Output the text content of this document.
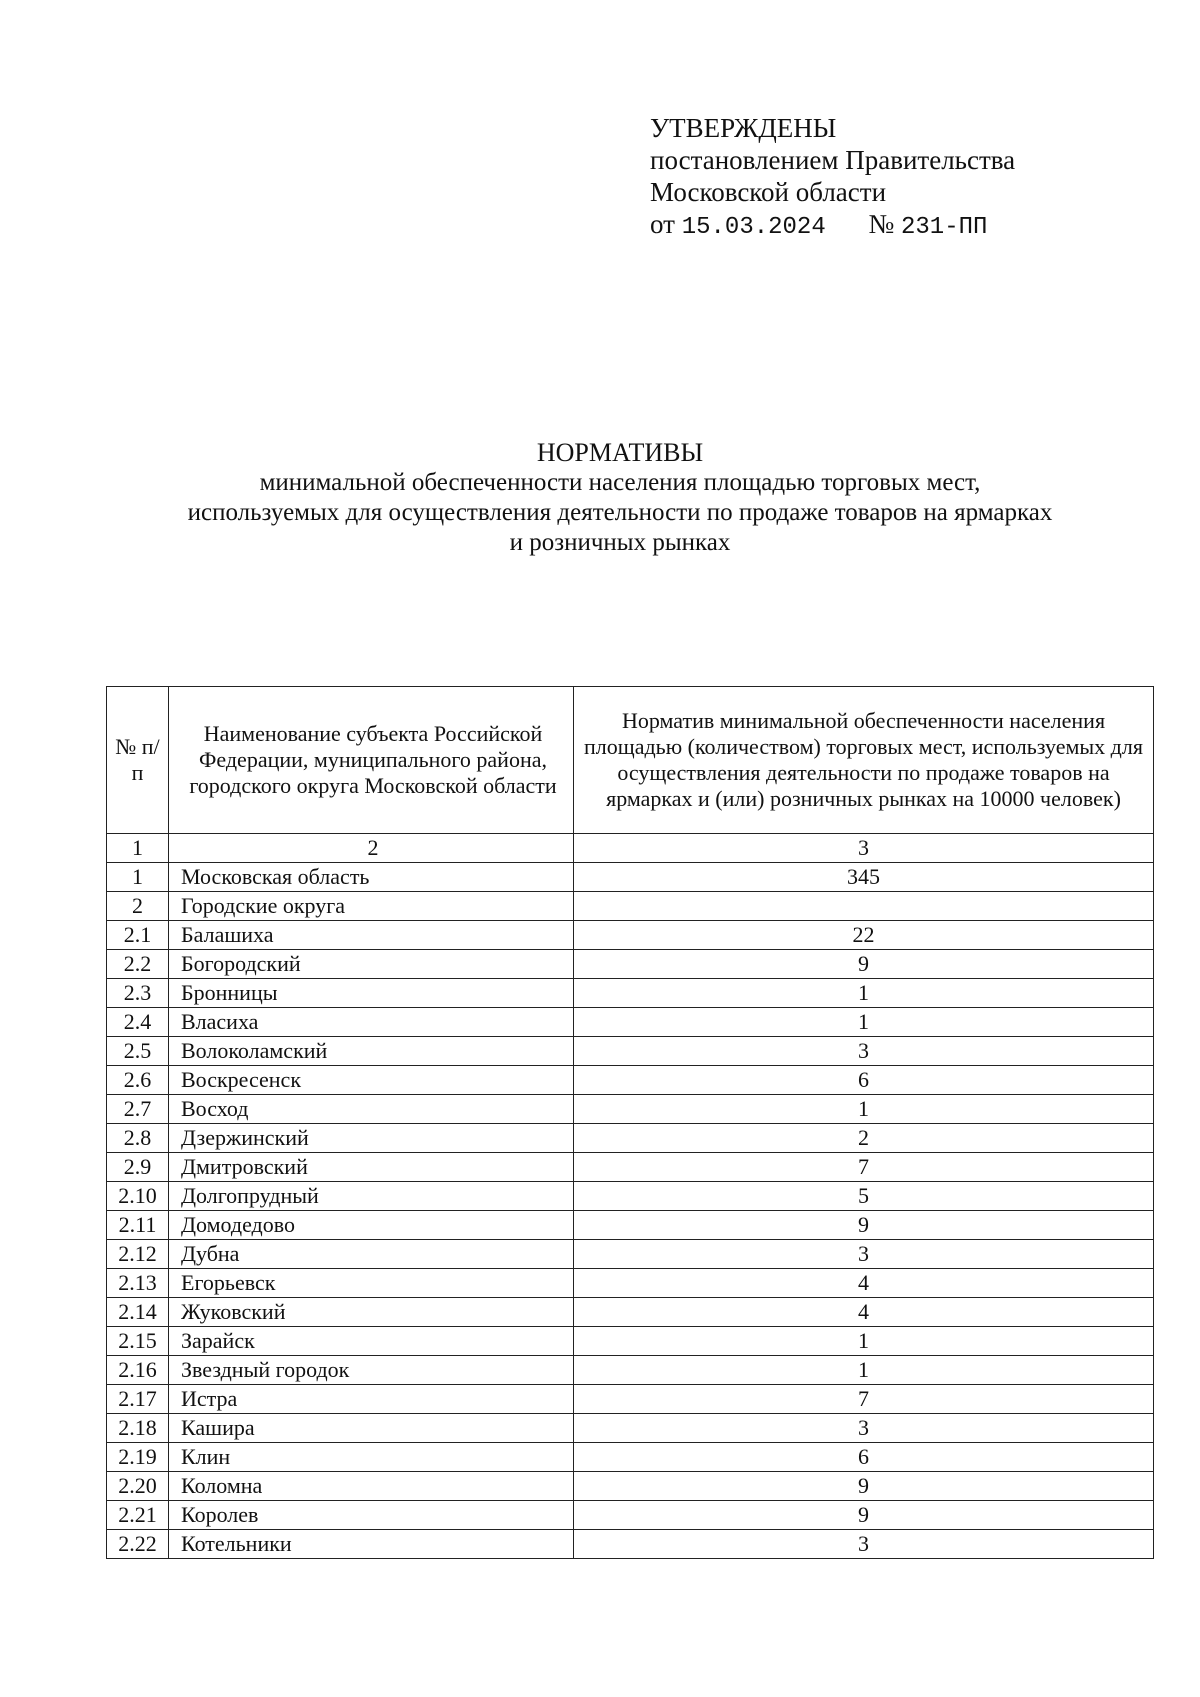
УТВЕРЖДЕНЫ
постановлением Правительства
Московской области
от 15.03.2024 № 231-ПП
НОРМАТИВЫ
минимальной обеспеченности населения площадью торговых мест,
используемых для осуществления деятельности по продаже товаров на ярмарках
и розничных рынках
№ п/п	Наименование субъекта Российской Федерации, муниципального района, городского округа Московской области	Норматив минимальной обеспеченности населения площадью (количеством) торговых мест, используемых для осуществления деятельности по продаже товаров на ярмарках и (или) розничных рынках на 10000 человек)
1	2	3
1	Московская область	345
2	Городские округа	
2.1	Балашиха	22
2.2	Богородский	9
2.3	Бронницы	1
2.4	Власиха	1
2.5	Волоколамский	3
2.6	Воскресенск	6
2.7	Восход	1
2.8	Дзержинский	2
2.9	Дмитровский	7
2.10	Долгопрудный	5
2.11	Домодедово	9
2.12	Дубна	3
2.13	Егорьевск	4
2.14	Жуковский	4
2.15	Зарайск	1
2.16	Звездный городок	1
2.17	Истра	7
2.18	Кашира	3
2.19	Клин	6
2.20	Коломна	9
2.21	Королев	9
2.22	Котельники	3
